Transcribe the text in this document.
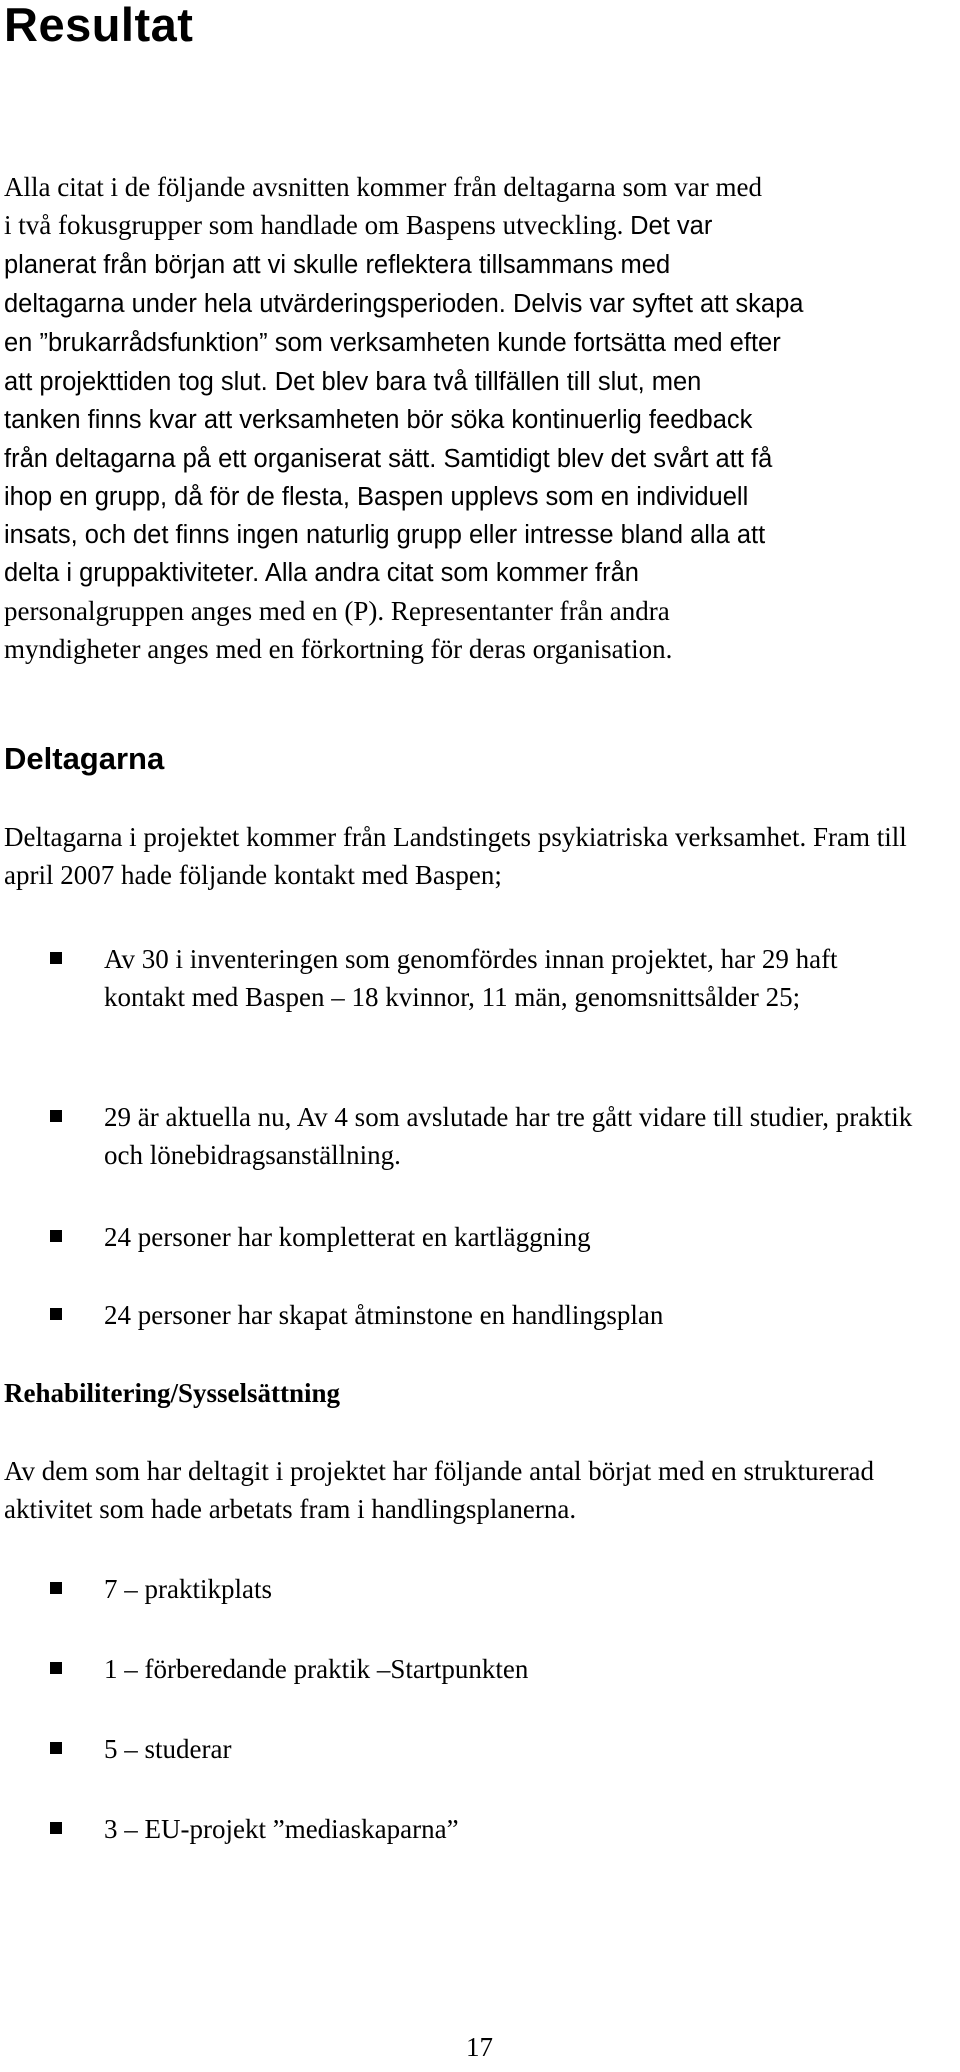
Resultat
Alla citat i de följande avsnitten kommer från deltagarna som var med
i två fokusgrupper som handlade om Baspens utveckling. Det var
planerat från början att vi skulle reflektera tillsammans med
deltagarna under hela utvärderingsperioden. Delvis var syftet att skapa
en ”brukarrådsfunktion” som verksamheten kunde fortsätta med efter
att projekttiden tog slut. Det blev bara två tillfällen till slut, men
tanken finns kvar att verksamheten bör söka kontinuerlig feedback
från deltagarna på ett organiserat sätt. Samtidigt blev det svårt att få
ihop en grupp, då för de flesta, Baspen upplevs som en individuell
insats, och det finns ingen naturlig grupp eller intresse bland alla att
delta i gruppaktiviteter. Alla andra citat som kommer från
personalgruppen anges med en (P). Representanter från andra
myndigheter anges med en förkortning för deras organisation.
Deltagarna

Deltagarna i projektet kommer från Landstingets psykiatriska verksamhet. Fram till april 2007 hade följande kontakt med Baspen;

Av 30 i inventeringen som genomfördes innan projektet, har 29 haft kontakt med Baspen – 18 kvinnor, 11 män, genomsnittsålder 25;
29 är aktuella nu, Av 4 som avslutade har tre gått vidare till studier, praktik och lönebidragsanställning.
24 personer har kompletterat en kartläggning
24 personer har skapat åtminstone en handlingsplan
Rehabilitering/Sysselsättning

Av dem som har deltagit i projektet har följande antal börjat med en strukturerad aktivitet som hade arbetats fram i handlingsplanerna.

7 – praktikplats
1 – förberedande praktik –Startpunkten
5 – studerar
3 – EU-projekt ”mediaskaparna”
17
